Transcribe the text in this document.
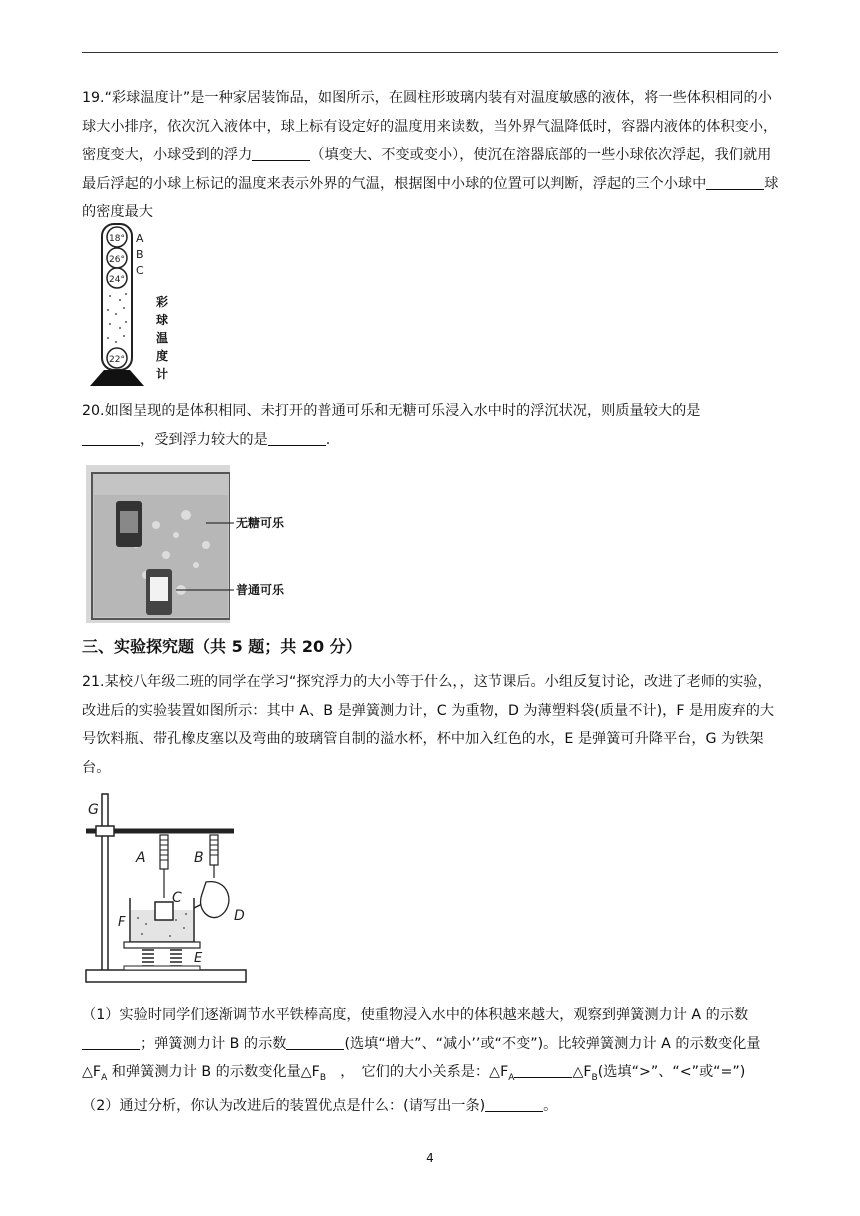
19.“彩球温度计”是一种家居装饰品，如图所示，在圆柱形玻璃内装有对温度敏感的液体，将一些体积相同的小球大小排序，依次沉入液体中，球上标有设定好的温度用来读数，当外界气温降低时，容器内液体的体积变小，密度变大，小球受到的浮力	（填变大、不变或变小），使沉在溶器底部的一些小球依次浮起，我们就用最后浮起的小球上标记的温度来表示外界的气温，根据图中小球的位置可以判断，浮起的三个小球中	球的密度最大

18°
26°
24°
22°
A
B
C
彩
球
温
度
计

20.如图呈现的是体积相同、未打开的普通可乐和无糖可乐浸入水中时的浮沉状况，则质量较大的是
，受到浮力较大的是	.

无糖可乐
普通可乐
三、实验探究题（共 5 题；共 20 分）

21.某校八年级二班的同学在学习“探究浮力的大小等于什么，，这节课后。小组反复讨论，改进了老师的实验，改进后的实验装置如图所示：其中 A、B 是弹簧测力计，C 为重物，D 为薄塑料袋(质量不计)，F 是用废弃的大号饮料瓶、带孔橡皮塞以及弯曲的玻璃管自制的溢水杯，杯中加入红色的水，E 是弹簧可升降平台，G 为铁架台。

G
A	B
F
C
D
E

（1）实验时同学们逐渐调节水平铁棒高度，使重物浸入水中的体积越来越大，观察到弹簧测力计 A 的示数；弹簧测力计 B 的示数	(选填“增大”、“减小’’或“不变”)。比较弹簧测力计 A 的示数变化量$\triangle F_A$ 和弹簧测力计 B 的示数变化量$\triangle F_B$　，　它们的大小关系是：$\triangle F_A$	$\triangle F_B$(选填“>”、“<”或“=”)
（2）通过分析，你认为改进后的装置优点是什么：(请写出一条)	。

4
